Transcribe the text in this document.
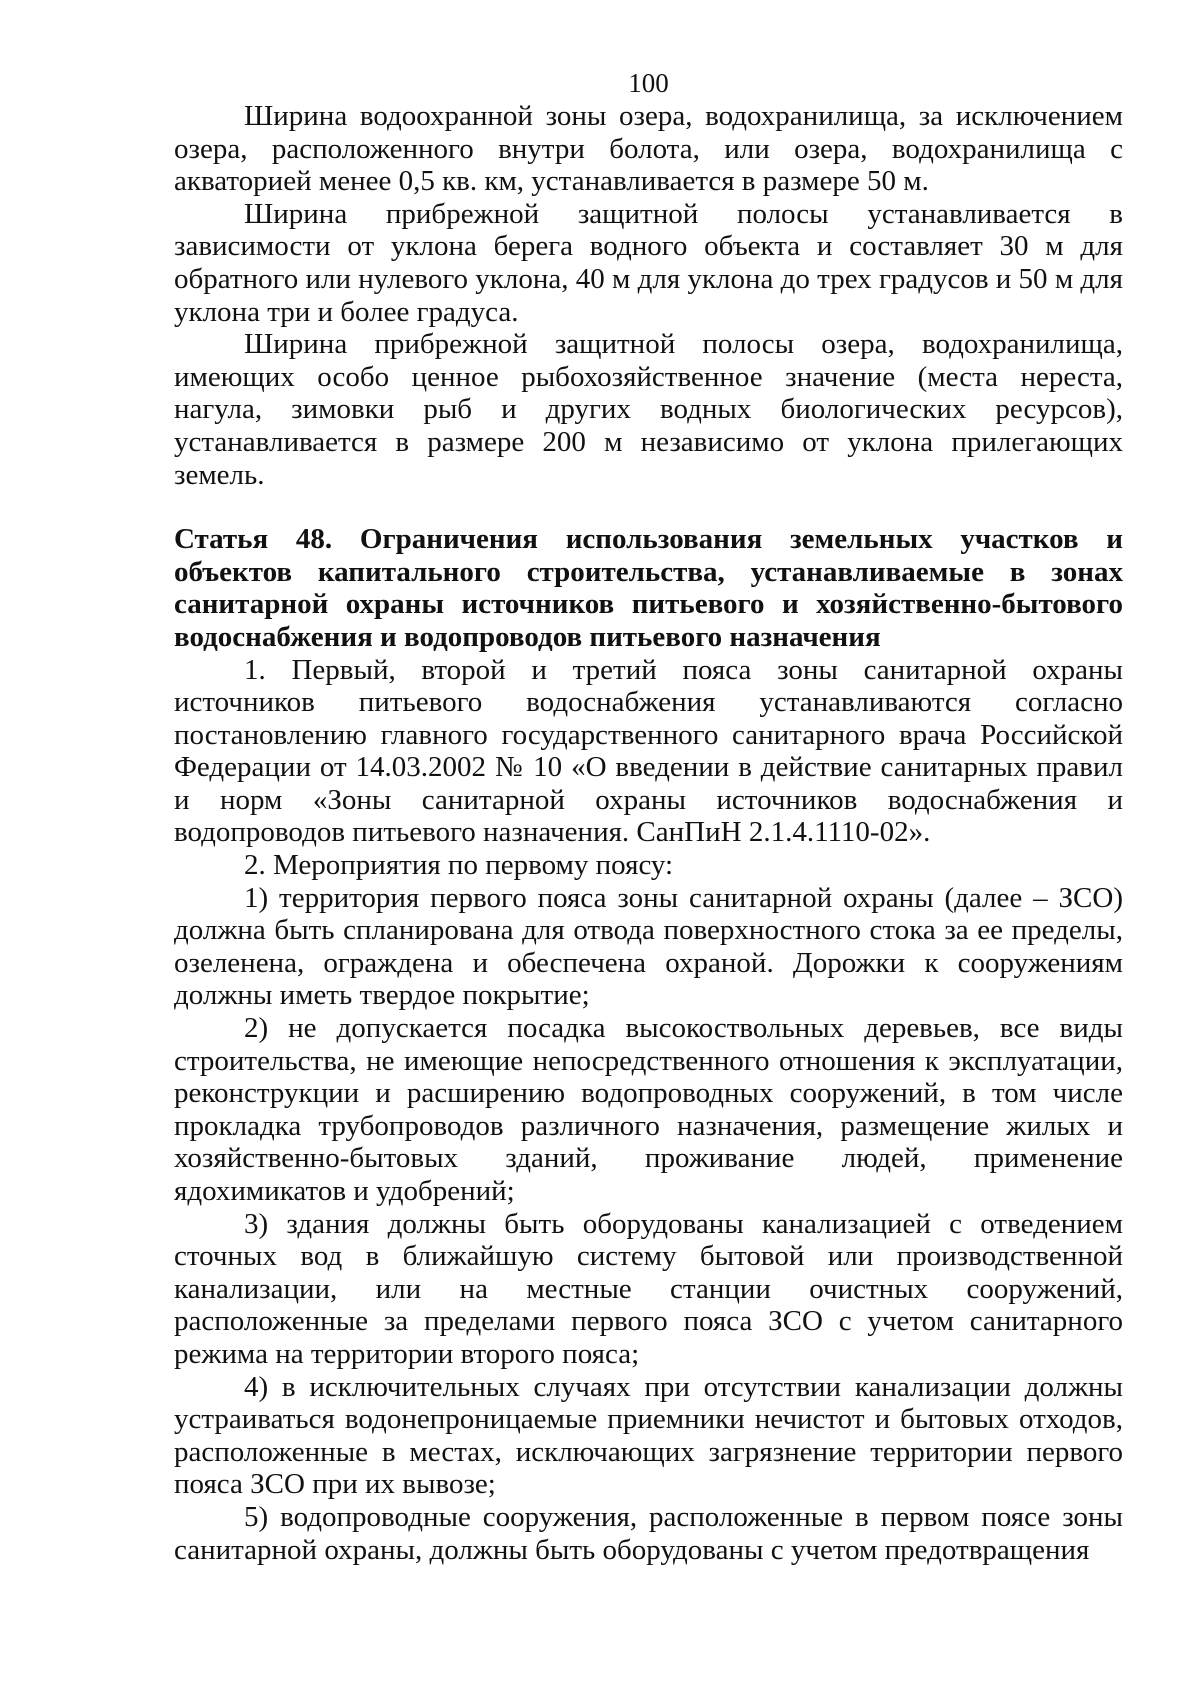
100

Ширина водоохранной зоны озера, водохранилища, за исключением озера, расположенного внутри болота, или озера, водохранилища с акваторией менее 0,5 кв. км, устанавливается в размере 50 м.

Ширина прибрежной защитной полосы устанавливается в зависимости от уклона берега водного объекта и составляет 30 м для обратного или нулевого уклона, 40 м для уклона до трех градусов и 50 м для уклона три и более градуса.

Ширина прибрежной защитной полосы озера, водохранилища, имеющих особо ценное рыбохозяйственное значение (места нереста, нагула, зимовки рыб и других водных биологических ресурсов), устанавливается в размере 200 м независимо от уклона прилегающих земель.

Статья 48. Ограничения использования земельных участков и объектов капитального строительства, устанавливаемые в зонах санитарной охраны источников питьевого и хозяйственно-бытового водоснабжения и водопроводов питьевого назначения

1. Первый, второй и третий пояса зоны санитарной охраны источников питьевого водоснабжения устанавливаются согласно постановлению главного государственного санитарного врача Российской Федерации от 14.03.2002 № 10 «О введении в действие санитарных правил и норм «Зоны санитарной охраны источников водоснабжения и водопроводов питьевого назначения. СанПиН 2.1.4.1110-02».

2. Мероприятия по первому поясу:

1) территория первого пояса зоны санитарной охраны (далее – ЗСО) должна быть спланирована для отвода поверхностного стока за ее пределы, озеленена, ограждена и обеспечена охраной. Дорожки к сооружениям должны иметь твердое покрытие;

2) не допускается посадка высокоствольных деревьев, все виды строительства, не имеющие непосредственного отношения к эксплуатации, реконструкции и расширению водопроводных сооружений, в том числе прокладка трубопроводов различного назначения, размещение жилых и хозяйственно-бытовых зданий, проживание людей, применение ядохимикатов и удобрений;

3) здания должны быть оборудованы канализацией с отведением сточных вод в ближайшую систему бытовой или производственной канализации, или на местные станции очистных сооружений, расположенные за пределами первого пояса ЗСО с учетом санитарного режима на территории второго пояса;

4) в исключительных случаях при отсутствии канализации должны устраиваться водонепроницаемые приемники нечистот и бытовых отходов, расположенные в местах, исключающих загрязнение территории первого пояса ЗСО при их вывозе;

5) водопроводные сооружения, расположенные в первом поясе зоны санитарной охраны, должны быть оборудованы с учетом предотвращения
